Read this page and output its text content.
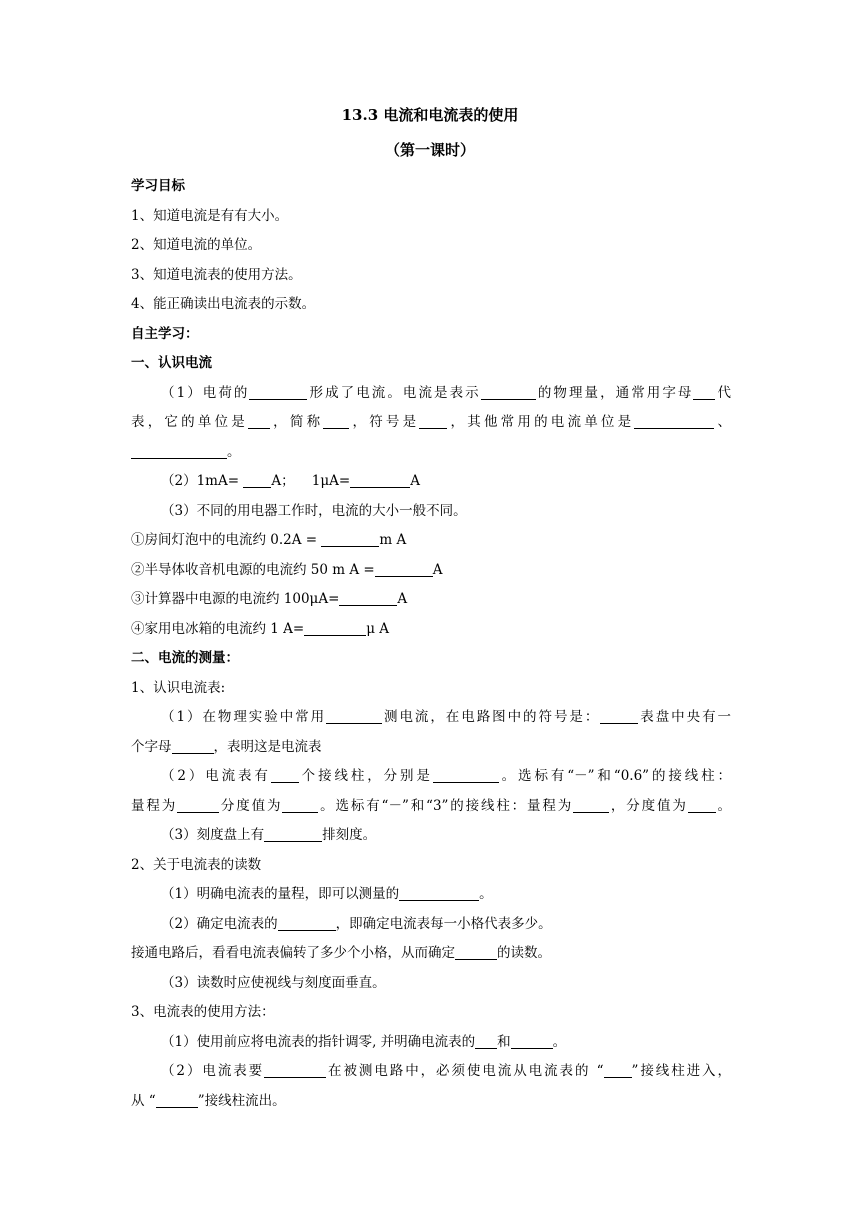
13.3 电流和电流表的使用
（第一课时）

学习目标

1、知道电流是有有大小。

2、知道电流的单位。

3、知道电流表的使用方法。

4、能正确读出电流表的示数。

自主学习：

一、认识电流

（1）电荷的	形成了电流。电流是表示	的物理量，通常用字母 代

表，它的单位是 ，简称 ，符号是 ，其他常用的电流单位是	、

。

（2）1mA= A； 1μA=	A

（3）不同的用电器工作时，电流的大小一般不同。

①房间灯泡中的电流约 0.2A =	m A

②半导体收音机电源的电流约 50 m A =	A

③计算器中电源的电流约 100μA=	A

④家用电冰箱的电流约 1 A=	μ A

二、电流的测量：

1、认识电流表:

（1）在物理实验中常用	测电流，在电路图中的符号是：	表盘中央有一

个字母	，表明这是电流表

（2）电流表有 个接线柱，分别是	。选标有“－”和“0.6”的接线柱：

量程为	分度值为	。选标有“－”和“3”的接线柱：量程为	，分度值为 。

（3）刻度盘上有	排刻度。

2、关于电流表的读数

（1）明确电流表的量程，即可以测量的	。

（2）确定电流表的	，即确定电流表每一小格代表多少。

接通电路后，看看电流表偏转了多少个小格，从而确定	的读数。

（3）读数时应使视线与刻度面垂直。

3、电流表的使用方法：

（1）使用前应将电流表的指针调零, 并明确电流表的 和	。

（2）电流表要	在被测电路中，必须使电流从电流表的 “ ”接线柱进入，

从 “	”接线柱流出。
